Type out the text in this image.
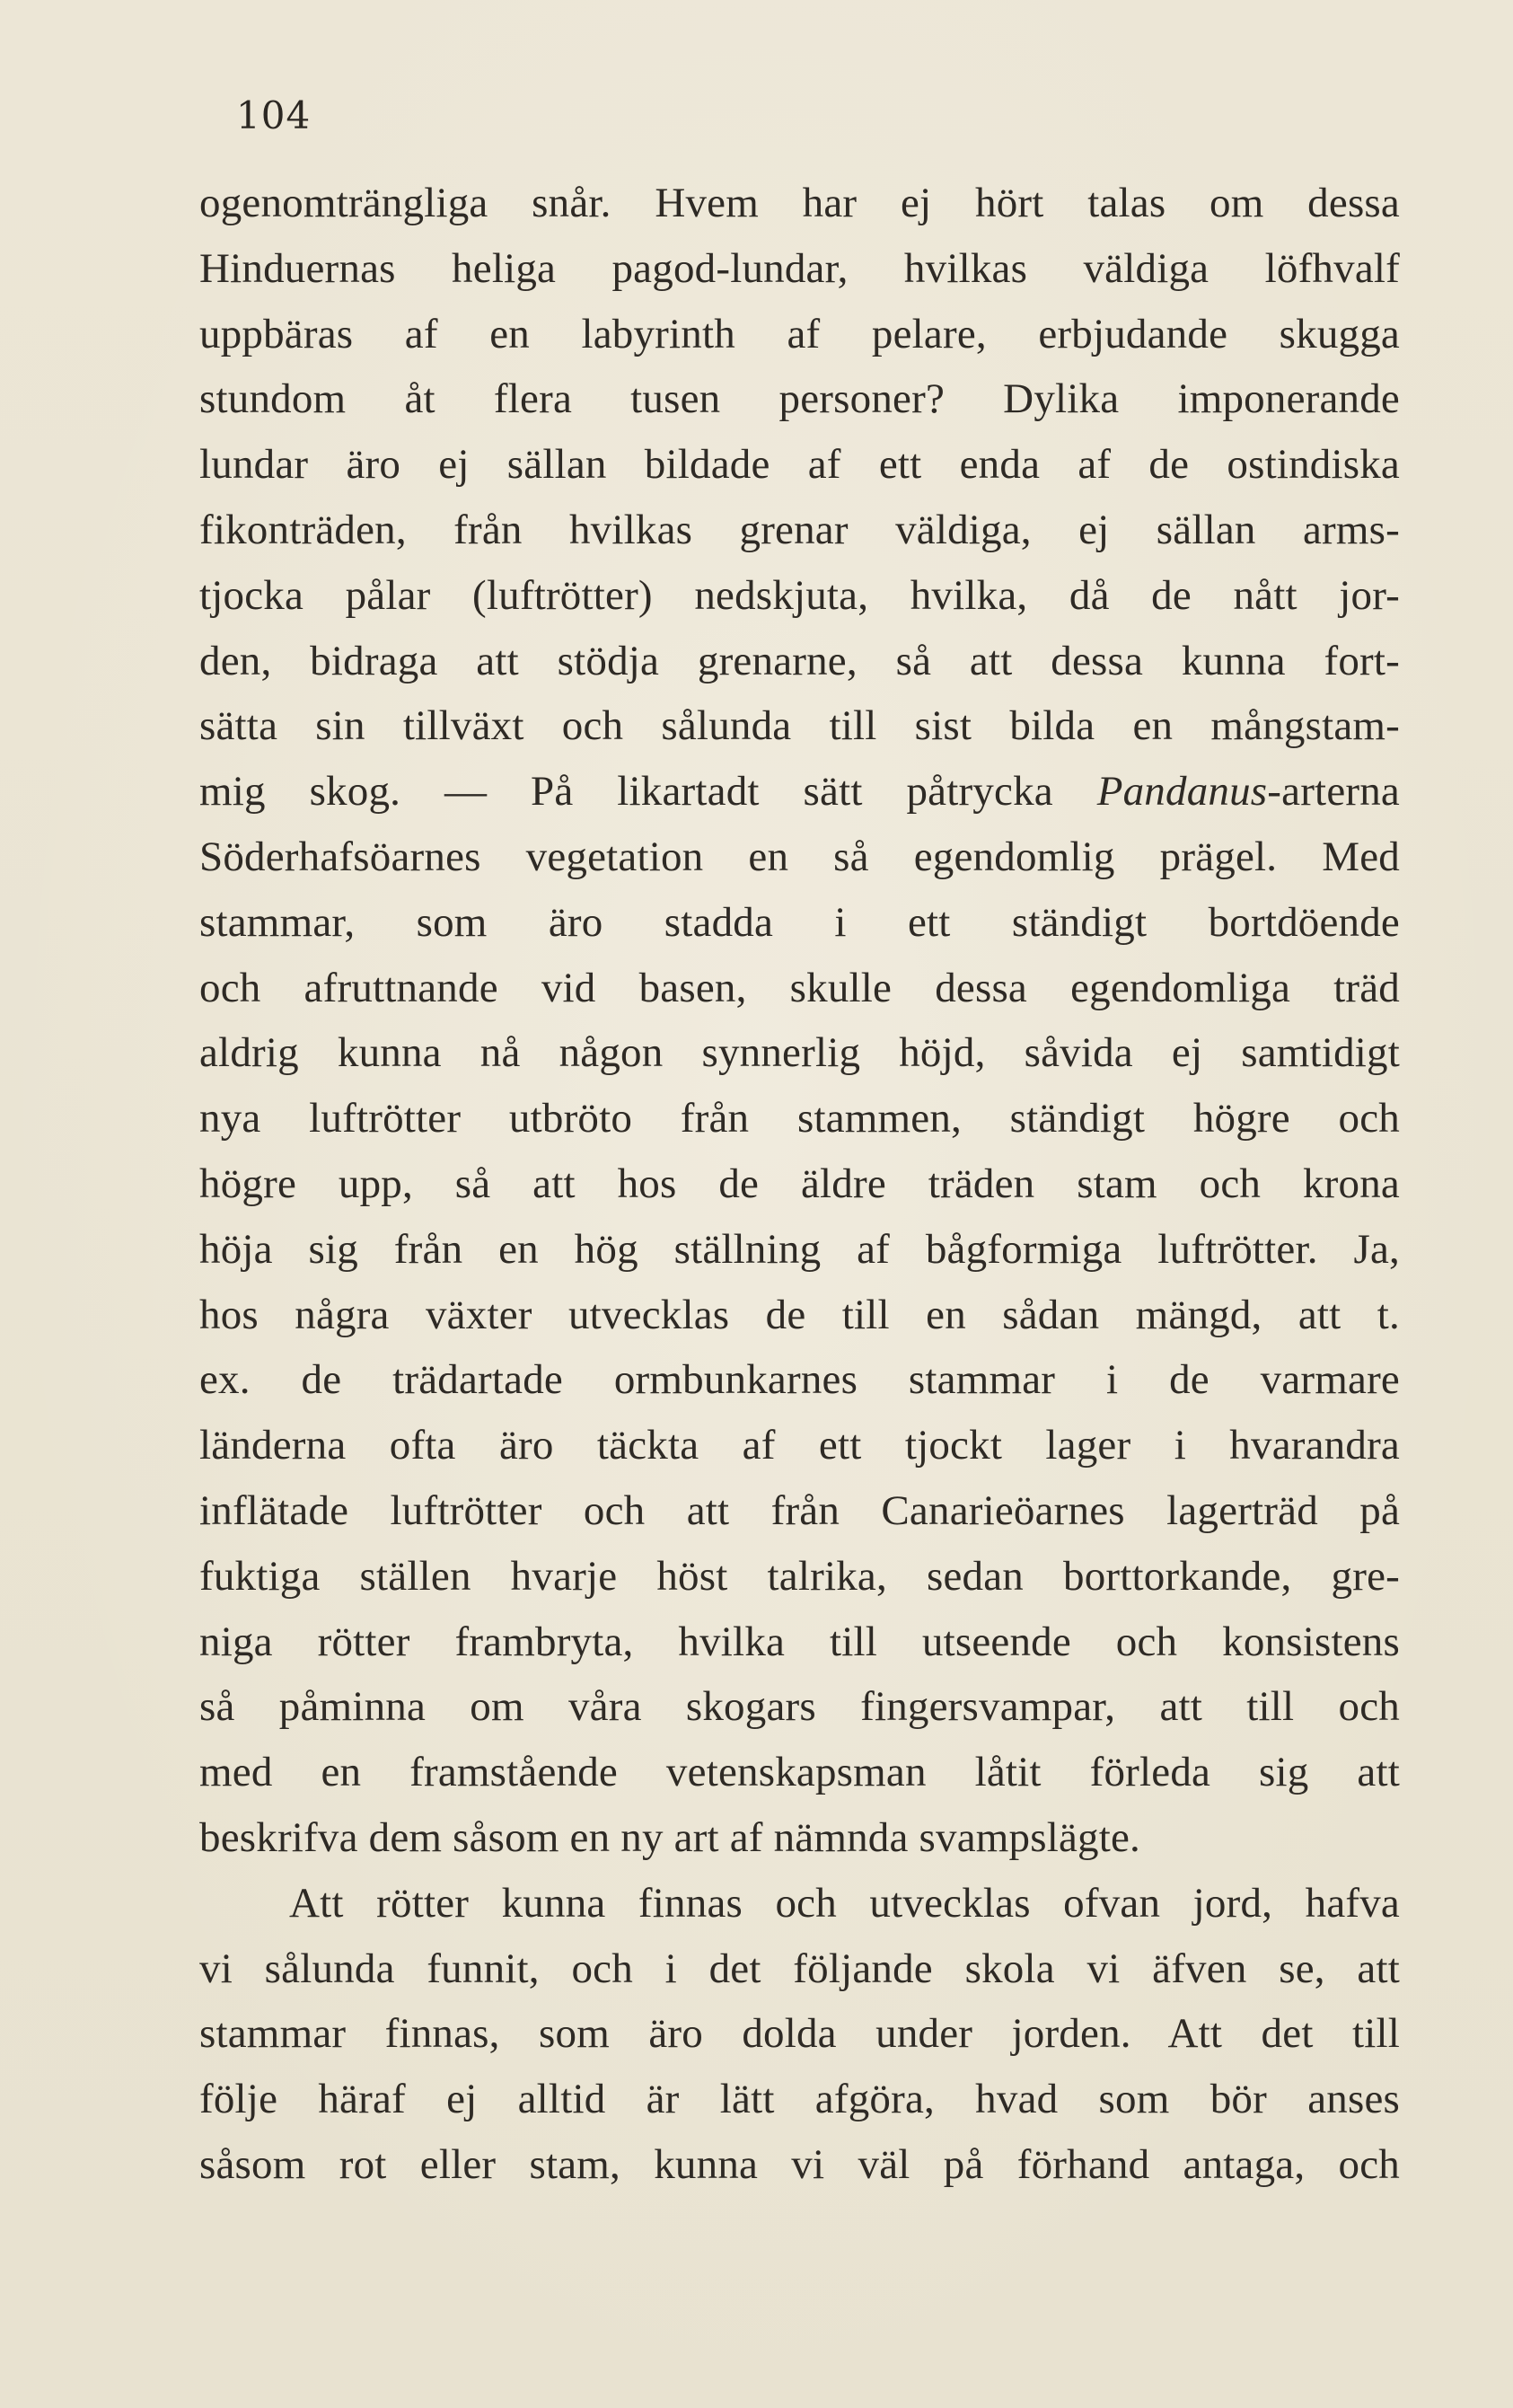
104
ogenomträngliga snår. Hvem har ej hört talas om dessa
Hinduernas heliga pagod-lundar, hvilkas väldiga löfhvalf
uppbäras af en labyrinth af pelare, erbjudande skugga
stundom åt flera tusen personer? Dylika imponerande
lundar äro ej sällan bildade af ett enda af de ostindiska
fikonträden, från hvilkas grenar väldiga, ej sällan arms-
tjocka pålar (luftrötter) nedskjuta, hvilka, då de nått jor-
den, bidraga att stödja grenarne, så att dessa kunna fort-
sätta sin tillväxt och sålunda till sist bilda en mångstam-
mig skog. — På likartadt sätt påtrycka Pandanus-arterna
Söderhafsöarnes vegetation en så egendomlig prägel. Med
stammar, som äro stadda i ett ständigt bortdöende
och afruttnande vid basen, skulle dessa egendomliga träd
aldrig kunna nå någon synnerlig höjd, såvida ej samtidigt
nya luftrötter utbröto från stammen, ständigt högre och
högre upp, så att hos de äldre träden stam och krona
höja sig från en hög ställning af bågformiga luftrötter. Ja,
hos några växter utvecklas de till en sådan mängd, att t.
ex. de trädartade ormbunkarnes stammar i de varmare
länderna ofta äro täckta af ett tjockt lager i hvarandra
inflätade luftrötter och att från Canarieöarnes lagerträd på
fuktiga ställen hvarje höst talrika, sedan borttorkande, gre-
niga rötter frambryta, hvilka till utseende och konsistens
så påminna om våra skogars fingersvampar, att till och
med en framstående vetenskapsman låtit förleda sig att
beskrifva dem såsom en ny art af nämnda svampslägte.
Att rötter kunna finnas och utvecklas ofvan jord, hafva
vi sålunda funnit, och i det följande skola vi äfven se, att
stammar finnas, som äro dolda under jorden. Att det till
följe häraf ej alltid är lätt afgöra, hvad som bör anses
såsom rot eller stam, kunna vi väl på förhand antaga, och
